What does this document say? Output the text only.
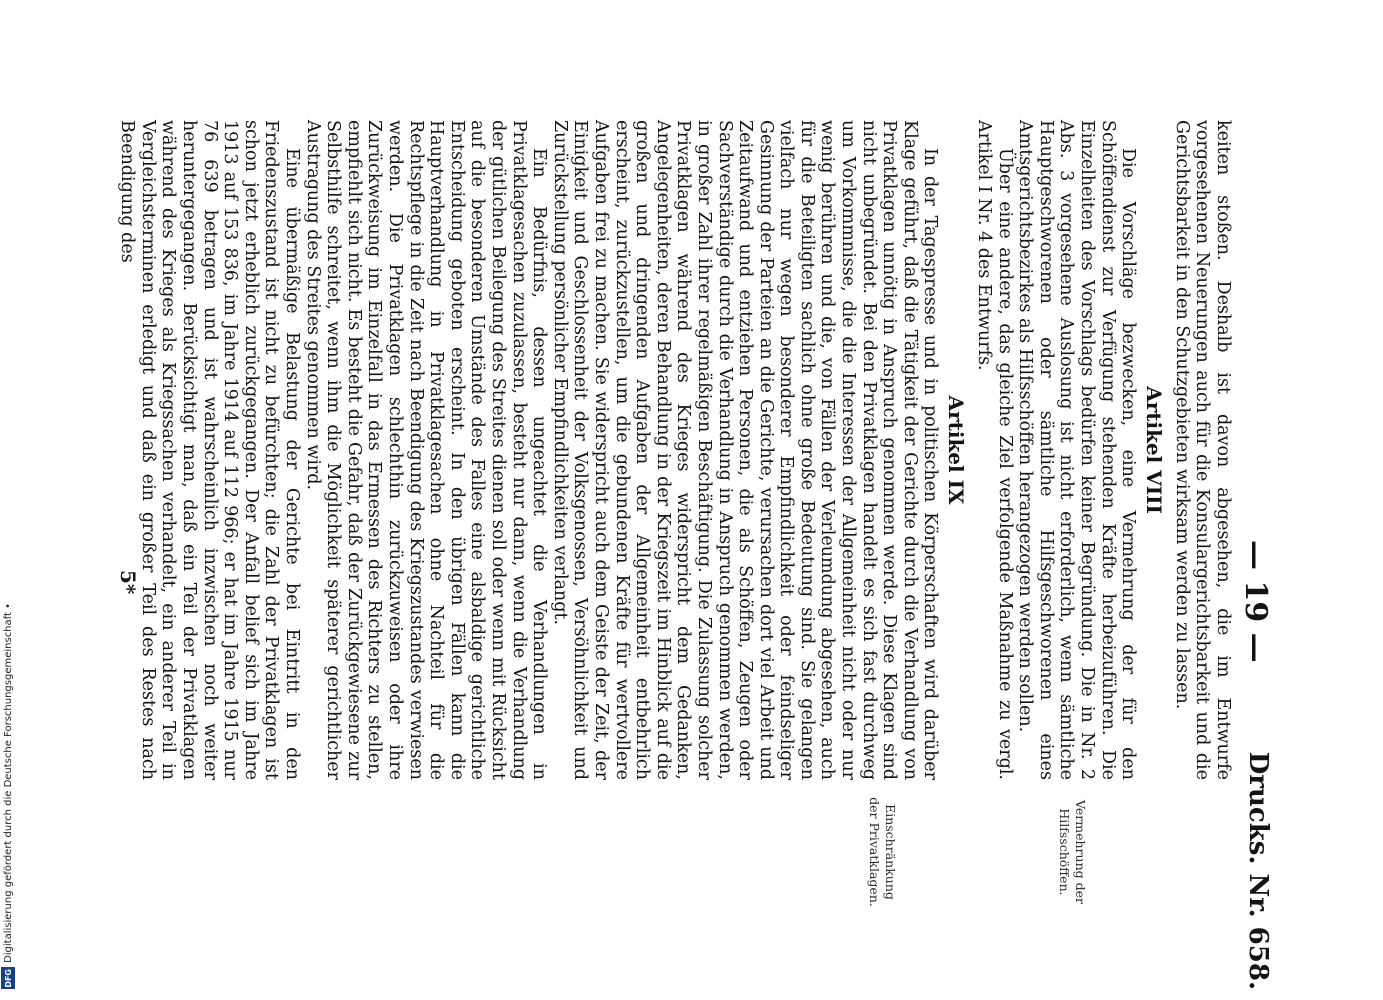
— 19 —
Drucks. Nr. 658.

keiten stoßen. Deshalb ist davon abgesehen, die im Entwurfe vorgesehenen Neuerungen auch für die Konsulargerichtsbarkeit und die Gerichtsbarkeit in den Schutzgebieten wirksam werden zu lassen.

Artikel VIII

Die Vorschläge bezwecken, eine Vermehrung der für den Schöffendienst zur Verfügung stehenden Kräfte herbeizuführen. Die Einzelheiten des Vorschlags bedürfen keiner Begründung. Die in Nr. 2 Abs. 3 vorgesehene Auslosung ist nicht erforderlich, wenn sämtliche Hauptgeschworenen oder sämtliche Hilfsgeschworenen eines Amtsgerichtsbezirkes als Hilfsschöffen herangezogen werden sollen.

Über eine andere, das gleiche Ziel verfolgende Maßnahme zu vergl. Artikel I Nr. 4 des Entwurfs.

Artikel IX

In der Tagespresse und in politischen Körperschaften wird darüber Klage geführt, daß die Tätigkeit der Gerichte durch die Verhandlung von Privatklagen unnötig in Anspruch genommen werde. Diese Klagen sind nicht unbegründet. Bei den Privatklagen handelt es sich fast durchweg um Vorkommnisse, die die Interessen der Allgemeinheit nicht oder nur wenig berühren und die, von Fällen der Verleumdung abgesehen, auch für die Beteiligten sachlich ohne große Bedeutung sind. Sie gelangen vielfach nur wegen besonderer Empfindlichkeit oder feindseliger Gesinnung der Parteien an die Gerichte, verursachen dort viel Arbeit und Zeitaufwand und entziehen Personen, die als Schöffen, Zeugen oder Sachverständige durch die Verhandlung in Anspruch genommen werden, in großer Zahl ihrer regelmäßigen Beschäftigung. Die Zulassung solcher Privatklagen während des Krieges widerspricht dem Gedanken, Angelegenheiten, deren Behandlung in der Kriegszeit im Hinblick auf die großen und dringenden Aufgaben der Allgemeinheit entbehrlich erscheint, zurückzustellen, um die gebundenen Kräfte für wertvollere Aufgaben frei zu machen. Sie widerspricht auch dem Geiste der Zeit, der Einigkeit und Geschlossenheit der Volksgenossen, Versöhnlichkeit und Zurückstellung persönlicher Empfindlichkeiten verlangt.

Ein Bedürfnis, dessen ungeachtet die Verhandlungen in Privatklagesachen zuzulassen, besteht nur dann, wenn die Verhandlung der gütlichen Beilegung des Streites dienen soll oder wenn mit Rücksicht auf die besonderen Umstände des Falles eine alsbaldige gerichtliche Entscheidung geboten erscheint. In den übrigen Fällen kann die Hauptverhandlung in Privatklagesachen ohne Nachteil für die Rechtspflege in die Zeit nach Beendigung des Kriegszustandes verwiesen werden. Die Privatklagen schlechthin zurückzuweisen oder ihre Zurückweisung im Einzelfall in das Ermessen des Richters zu stellen, empfiehlt sich nicht. Es besteht die Gefahr, daß der Zurückgewiesene zur Selbsthilfe schreitet, wenn ihm die Möglichkeit späterer gerichtlicher Austragung des Streites genommen wird.

Eine übermäßige Belastung der Gerichte bei Eintritt in den Friedenszustand ist nicht zu befürchten; die Zahl der Privatklagen ist schon jetzt erheblich zurückgegangen. Der Anfall belief sich im Jahre 1913 auf 153 836, im Jahre 1914 auf 112 966; er hat im Jahre 1915 nur 76 639 betragen und ist wahrscheinlich inzwischen noch weiter heruntergegangen. Berücksichtigt man, daß ein Teil der Privatklagen während des Krieges als Kriegssachen verhandelt, ein anderer Teil in Vergleichsterminen erledigt und daß ein großer Teil des Restes nach Beendigung des

Vermehrung der Hilfsschöffen.
Einschränkung der Privatklagen.
5*
Digitalisierung gefördert durch die Deutsche Forschungsgemeinschaft •
DFG
